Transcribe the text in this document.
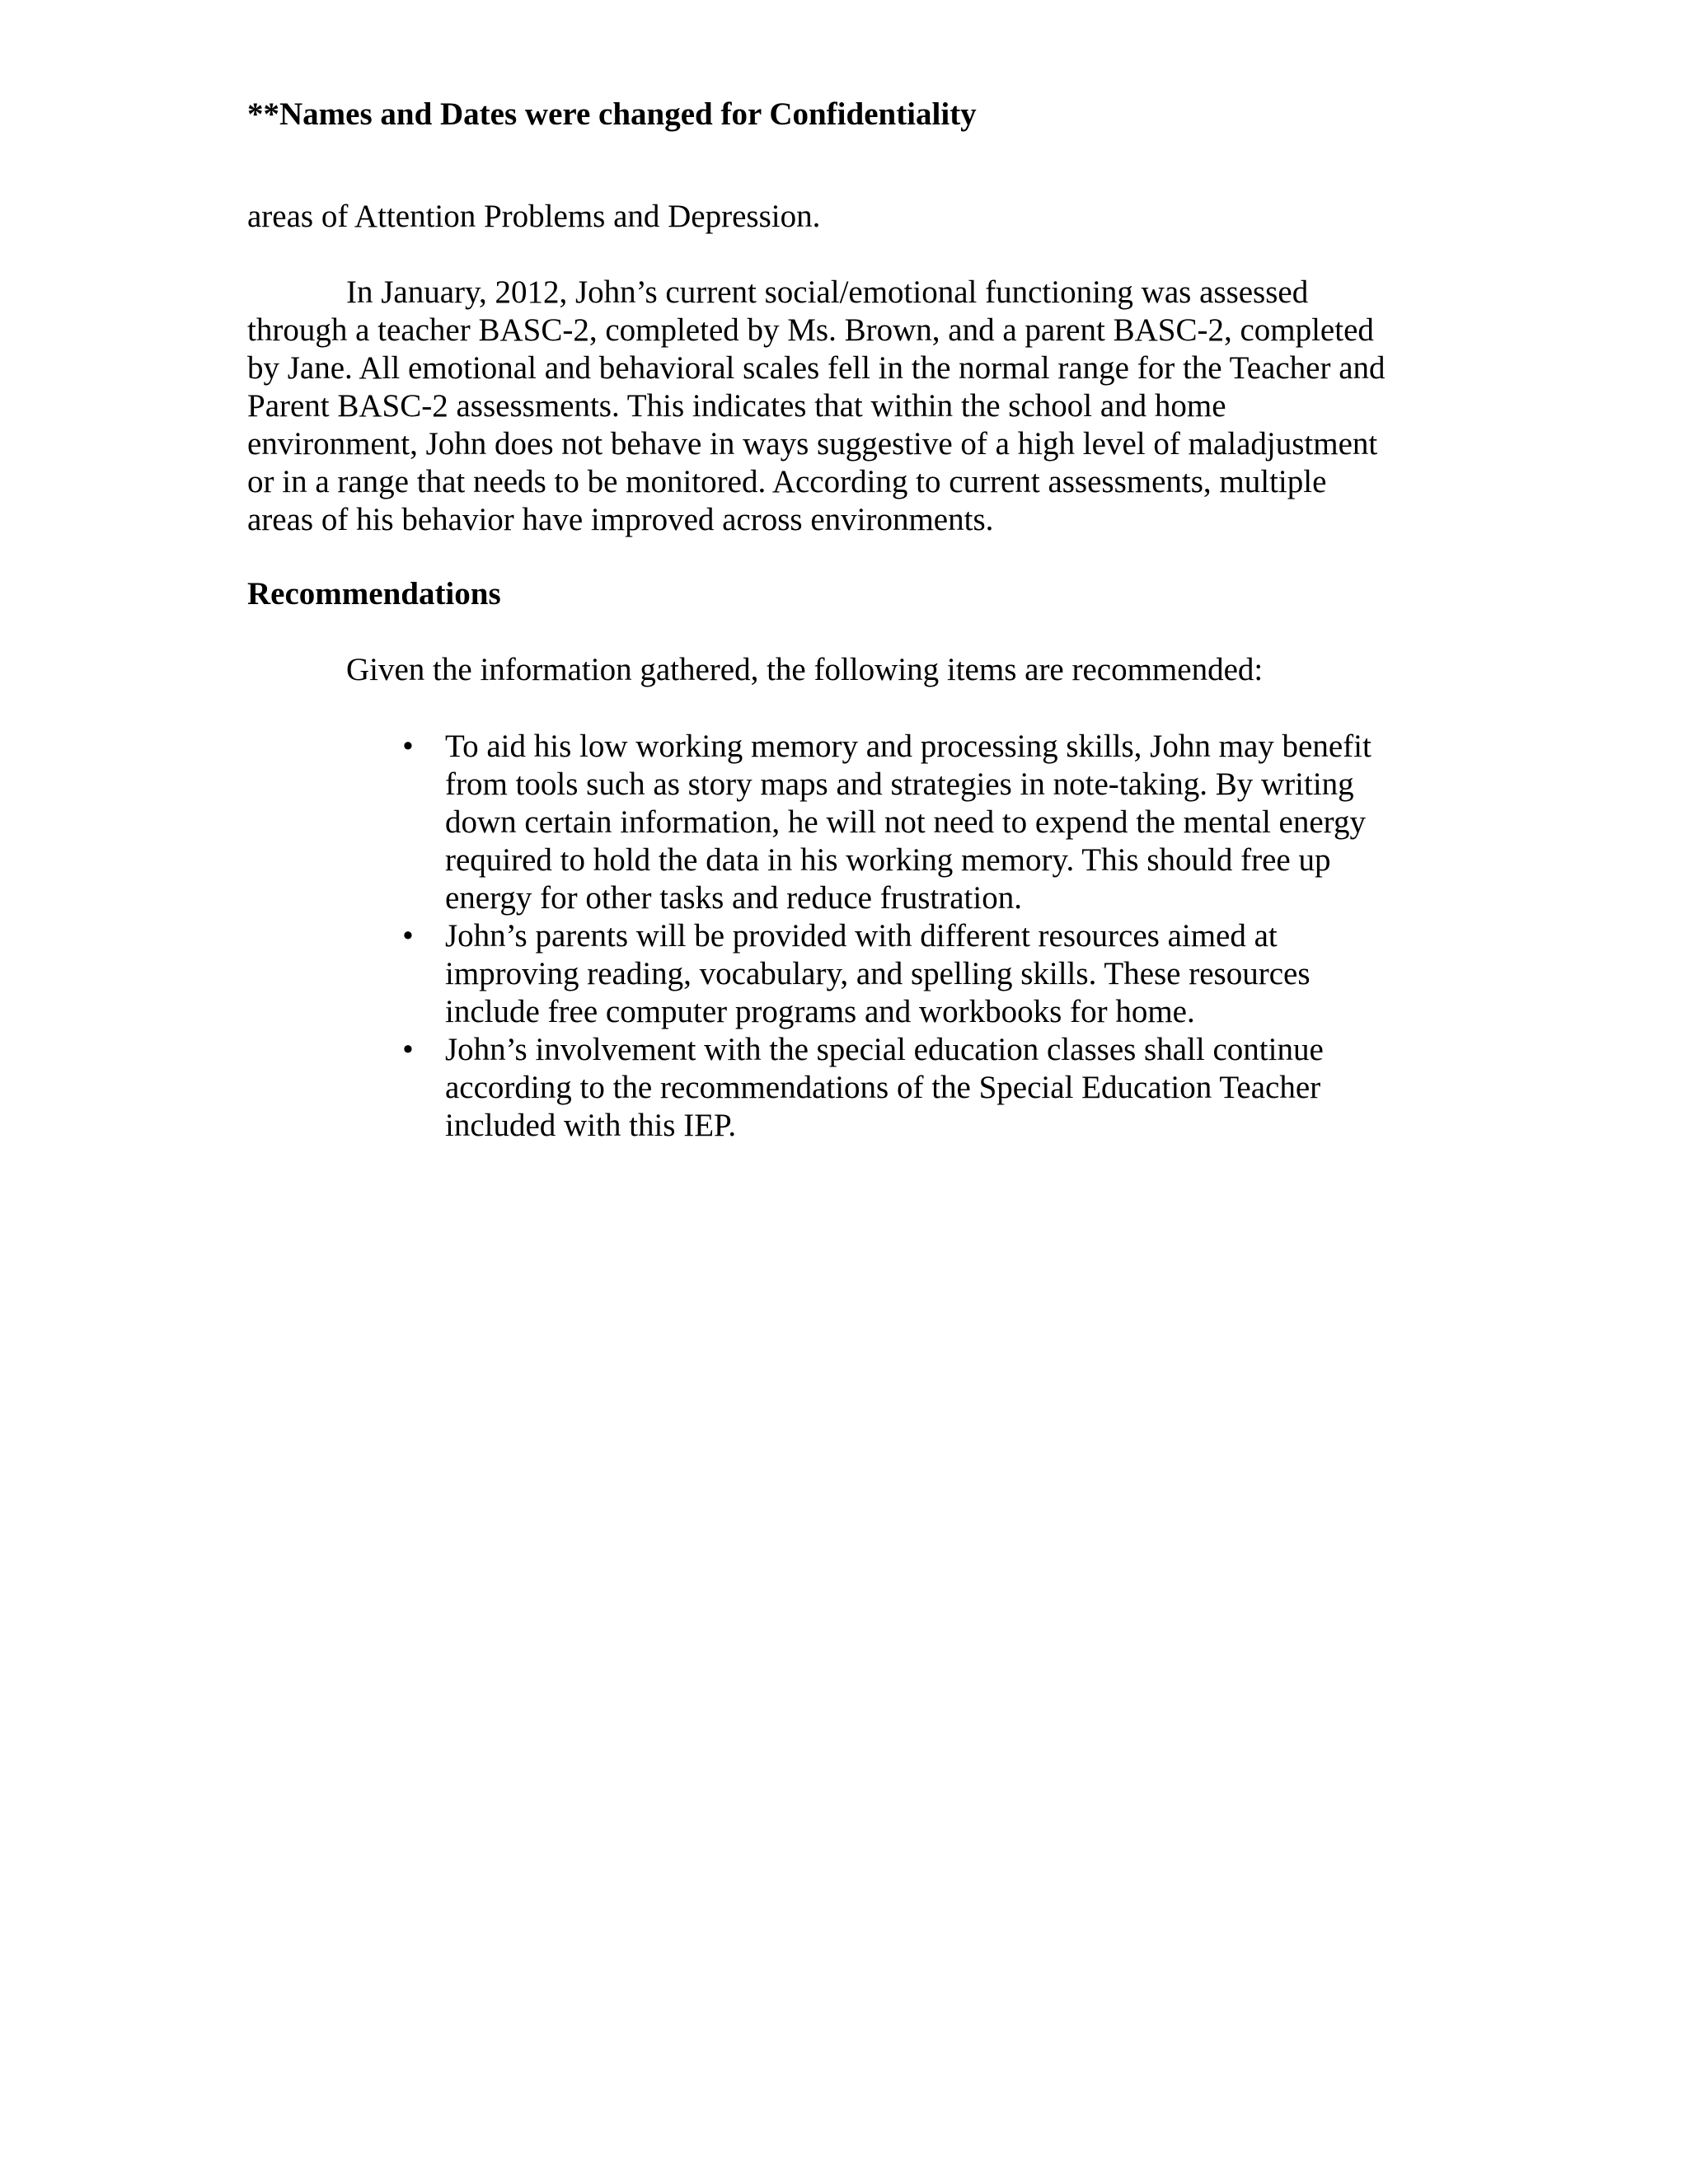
**Names and Dates were changed for Confidentiality
areas of Attention Problems and Depression.
In January, 2012, John’s current social/emotional functioning was assessed
through a teacher BASC-2, completed by Ms. Brown, and a parent BASC-2, completed
by Jane. All emotional and behavioral scales fell in the normal range for the Teacher and
Parent BASC-2 assessments. This indicates that within the school and home
environment, John does not behave in ways suggestive of a high level of maladjustment
or in a range that needs to be monitored. According to current assessments, multiple
areas of his behavior have improved across environments.
Recommendations
Given the information gathered, the following items are recommended:
• To aid his low working memory and processing skills, John may benefit
from tools such as story maps and strategies in note-taking. By writing
down certain information, he will not need to expend the mental energy
required to hold the data in his working memory. This should free up
energy for other tasks and reduce frustration.
• John’s parents will be provided with different resources aimed at
improving reading, vocabulary, and spelling skills. These resources
include free computer programs and workbooks for home.
• John’s involvement with the special education classes shall continue
according to the recommendations of the Special Education Teacher
included with this IEP.
